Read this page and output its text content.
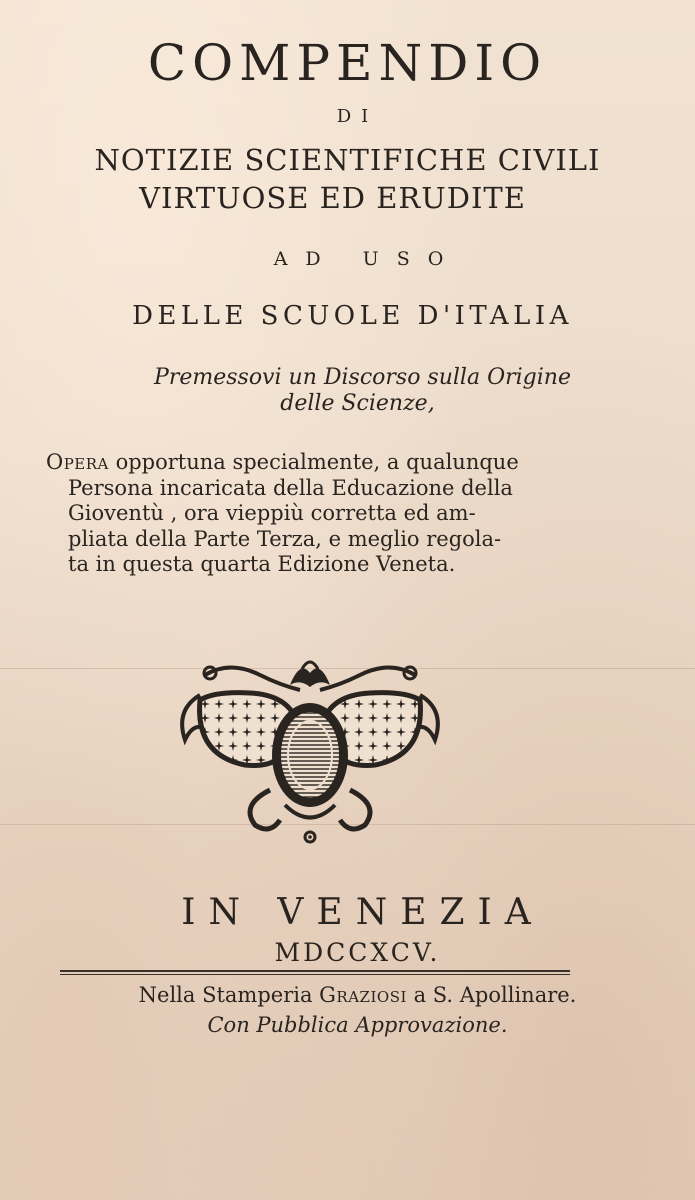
COMPENDIO
DI
NOTIZIE SCIENTIFICHE CIVILI
VIRTUOSE ED ERUDITE
AD USO
DELLE SCUOLE D'ITALIA
Premessovi un Discorso sulla Origine
delle Scienze,
Opera opportuna specialmente, a qualunque
Persona incaricata della Educazione della
Gioventù , ora vieppiù corretta ed am-
pliata della Parte Terza, e meglio regola-
ta in questa quarta Edizione Veneta.
IN VENEZIA
MDCCXCV.
Nella Stamperia Graziosi a S. Apollinare.
Con Pubblica Approvazione.
